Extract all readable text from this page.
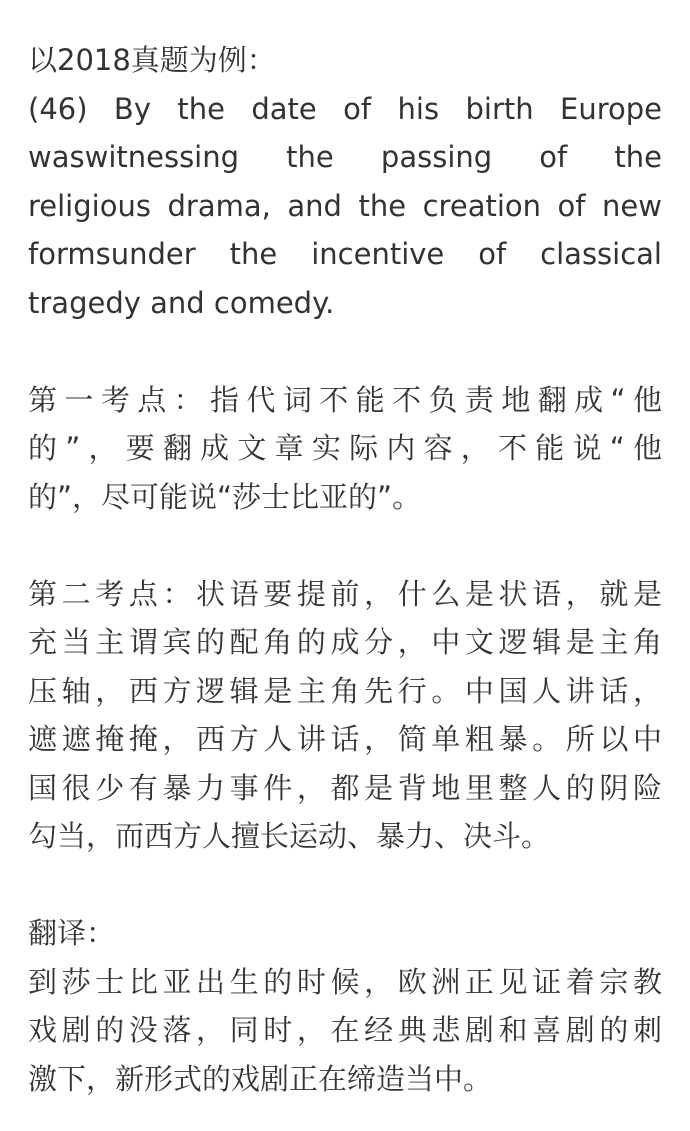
以2018真题为例：
(46) By the date of his birth Europe
waswitnessing the passing of the
religious drama, and the creation of new
formsunder the incentive of classical
tragedy and comedy.
第一考点：指代词不能不负责地翻成“他
的”，要翻成文章实际内容，不能说“他
的”，尽可能说“莎士比亚的”。
第二考点：状语要提前，什么是状语，就是
充当主谓宾的配角的成分，中文逻辑是主角
压轴，西方逻辑是主角先行。中国人讲话，
遮遮掩掩，西方人讲话，简单粗暴。所以中
国很少有暴力事件，都是背地里整人的阴险
勾当，而西方人擅长运动、暴力、决斗。
翻译：
到莎士比亚出生的时候，欧洲正见证着宗教
戏剧的没落，同时，在经典悲剧和喜剧的刺
激下，新形式的戏剧正在缔造当中。
